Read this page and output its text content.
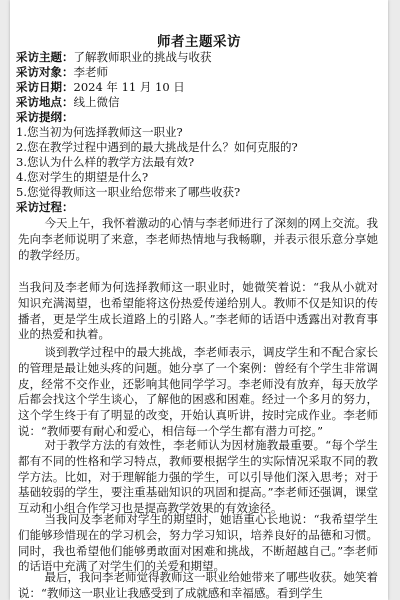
师者主题采访
采访主题：了解教师职业的挑战与收获
采访对象：李老师
采访日期：2024 年 11 月 10 日
采访地点：线上微信
采访提纲：
1.您当初为何选择教师这一职业?
2.您在教学过程中遇到的最大挑战是什么？如何克服的?
3.您认为什么样的教学方法最有效?
4.您对学生的期望是什么?
5.您觉得教师这一职业给您带来了哪些收获?
采访过程：

今天上午，我怀着激动的心情与李老师进行了深刻的网上交流。我先向李老师说明了来意，李老师热情地与我畅聊，并表示很乐意分享她的教学经历。

当我问及李老师为何选择教师这一职业时，她微笑着说：“我从小就对知识充满渴望，也希望能将这份热爱传递给别人。教师不仅是知识的传播者，更是学生成长道路上的引路人。”李老师的话语中透露出对教育事业的热爱和执着。

谈到教学过程中的最大挑战，李老师表示，调皮学生和不配合家长的管理是最让她头疼的问题。她分享了一个案例：曾经有个学生非常调皮，经常不交作业，还影响其他同学学习。李老师没有放弃，每天放学后都会找这个学生谈心，了解他的困惑和困难。经过一个多月的努力，这个学生终于有了明显的改变，开始认真听讲，按时完成作业。李老师说：“教师要有耐心和爱心，相信每一个学生都有潜力可挖。”

对于教学方法的有效性，李老师认为因材施教最重要。“每个学生都有不同的性格和学习特点，教师要根据学生的实际情况采取不同的教学方法。比如，对于理解能力强的学生，可以引导他们深入思考；对于基础较弱的学生，要注重基础知识的巩固和提高。”李老师还强调，课堂互动和小组合作学习也是提高教学效果的有效途径。

当我问及李老师对学生的期望时，她语重心长地说：“我希望学生们能够珍惜现在的学习机会，努力学习知识，培养良好的品德和习惯。同时，我也希望他们能够勇敢面对困难和挑战，不断超越自己。”李老师的话语中充满了对学生们的关爱和期望。

最后，我问李老师觉得教师这一职业给她带来了哪些收获。她笑着说：“教师这一职业让我感受到了成就感和幸福感。看到学生
